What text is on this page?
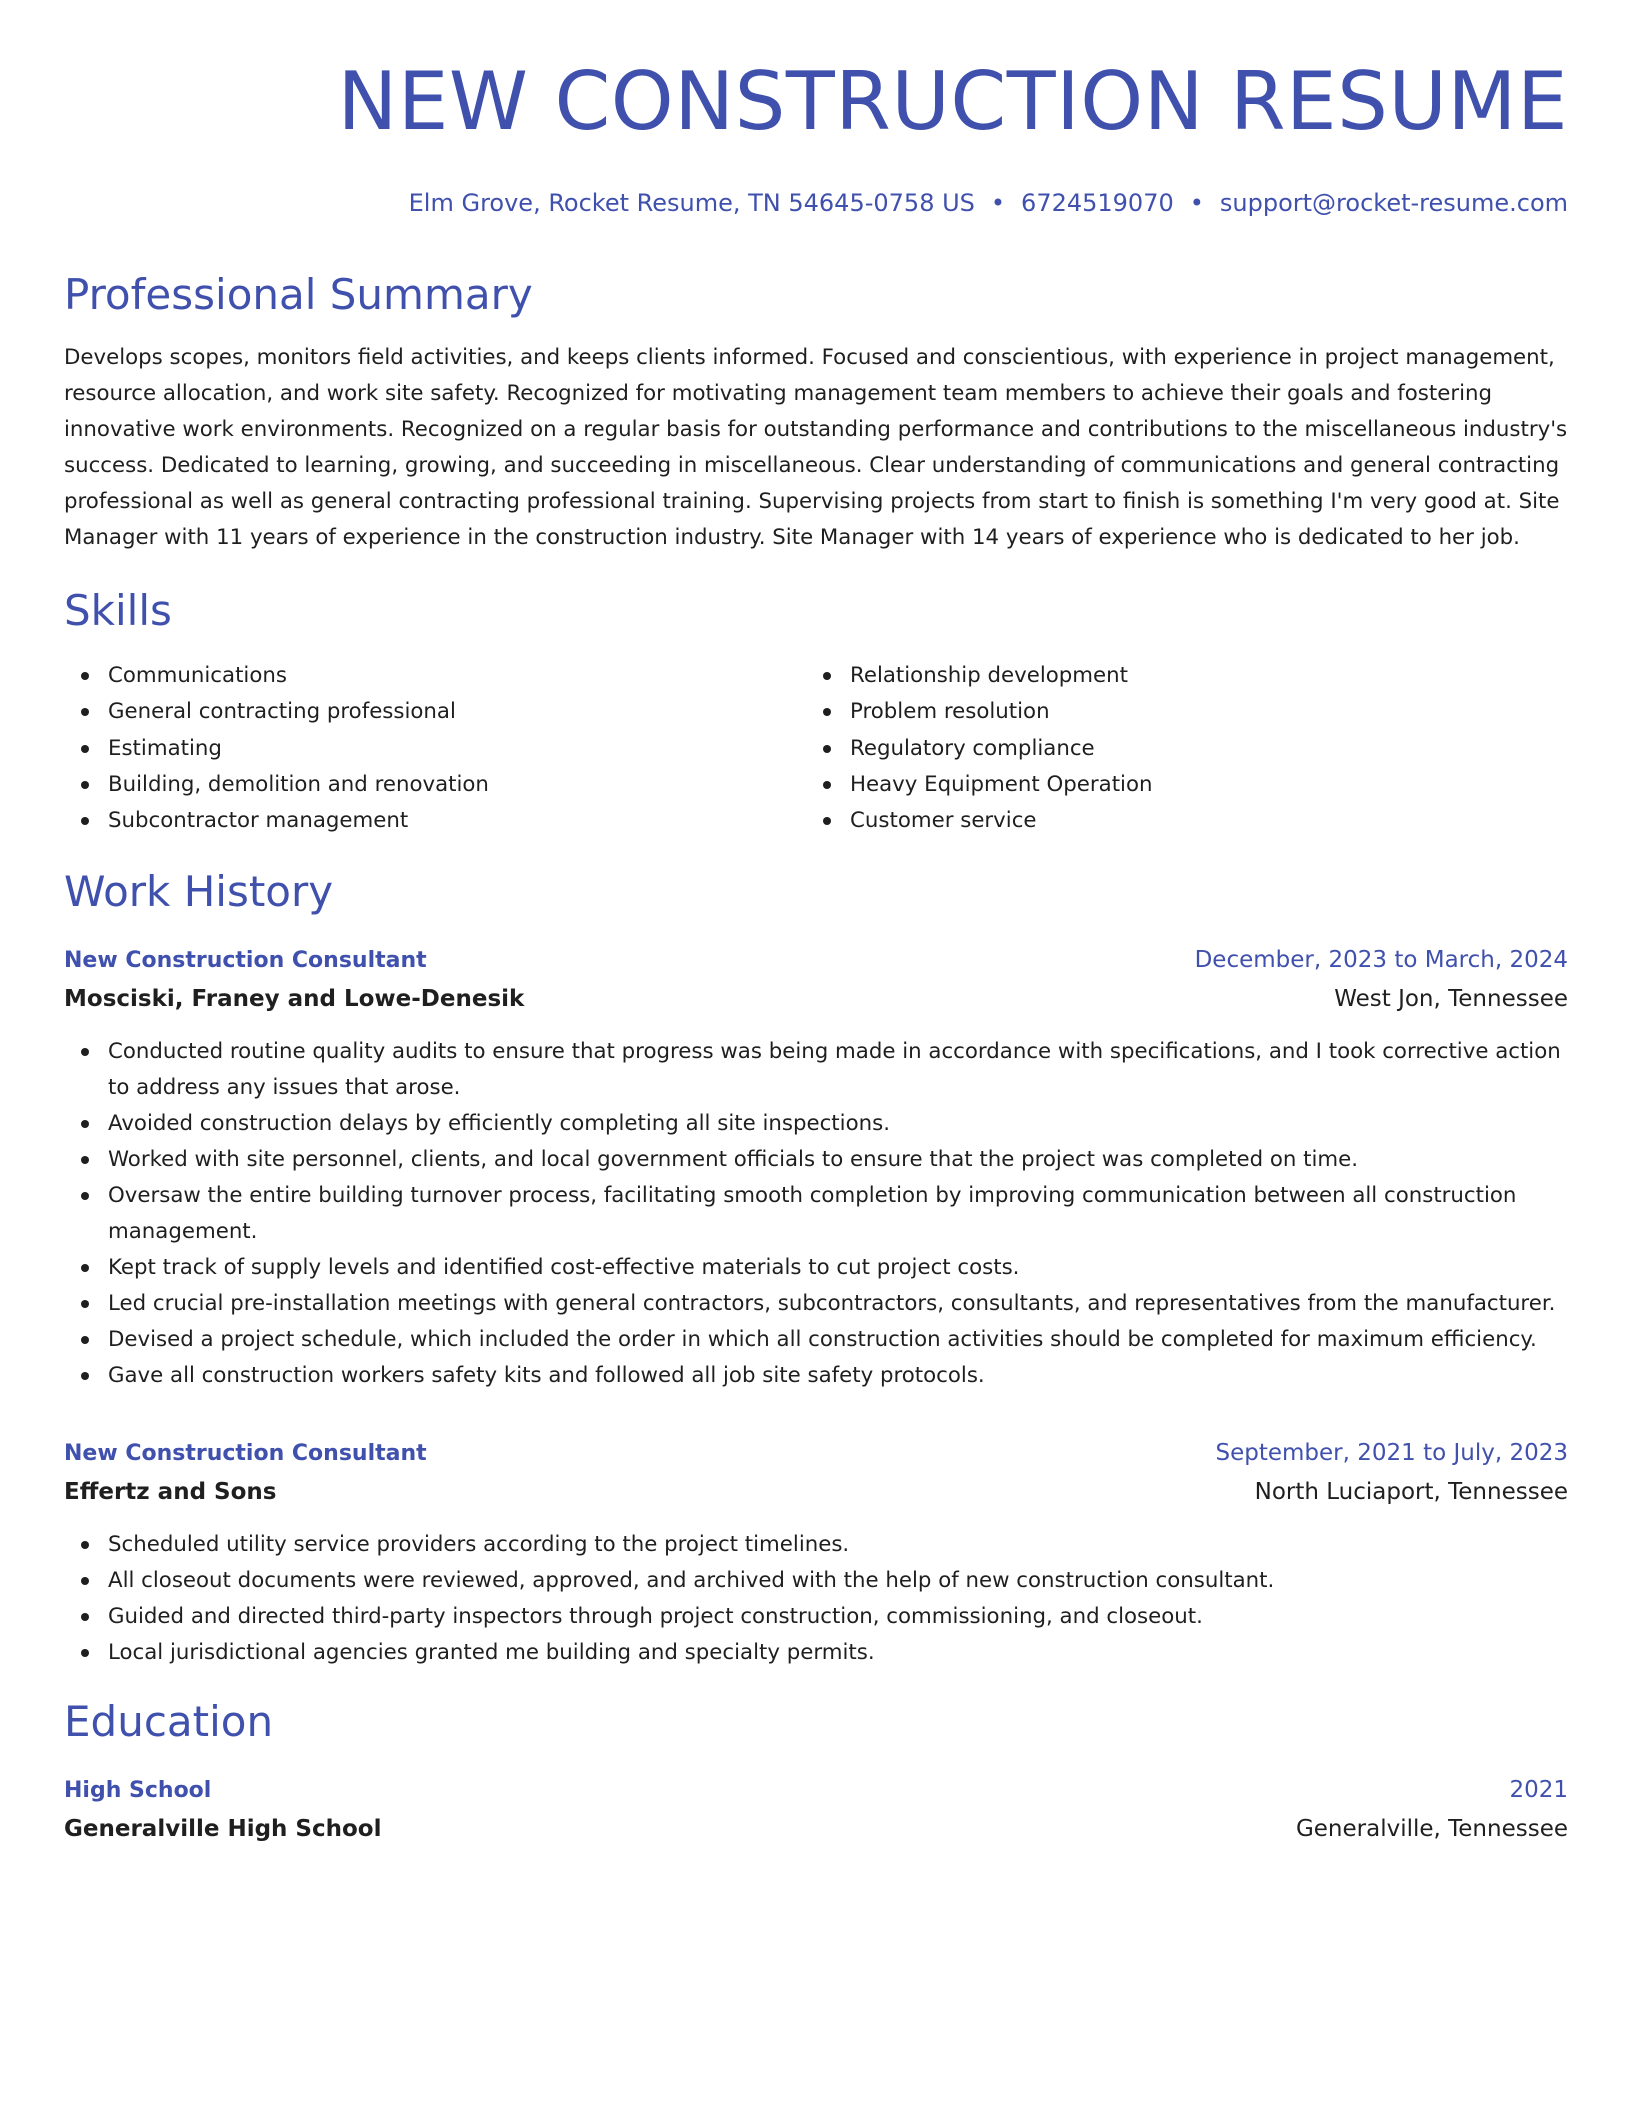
NEW CONSTRUCTION RESUME
Elm Grove, Rocket Resume, TN 54645-0758 US • 6724519070 • support@rocket-resume.com
Professional Summary
Develops scopes, monitors field activities, and keeps clients informed. Focused and conscientious, with experience in project management, resource allocation, and work site safety. Recognized for motivating management team members to achieve their goals and fostering innovative work environments. Recognized on a regular basis for outstanding performance and contributions to the miscellaneous industry's success. Dedicated to learning, growing, and succeeding in miscellaneous. Clear understanding of communications and general contracting professional as well as general contracting professional training. Supervising projects from start to finish is something I'm very good at. Site Manager with 11 years of experience in the construction industry. Site Manager with 14 years of experience who is dedicated to her job.
Skills
Communications
General contracting professional
Estimating
Building, demolition and renovation
Subcontractor management
Relationship development
Problem resolution
Regulatory compliance
Heavy Equipment Operation
Customer service
Work History
New Construction Consultant	December, 2023 to March, 2024
Mosciski, Franey and Lowe-Denesik	West Jon, Tennessee
Conducted routine quality audits to ensure that progress was being made in accordance with specifications, and I took corrective action to address any issues that arose.
Avoided construction delays by efficiently completing all site inspections.
Worked with site personnel, clients, and local government officials to ensure that the project was completed on time.
Oversaw the entire building turnover process, facilitating smooth completion by improving communication between all construction management.
Kept track of supply levels and identified cost-effective materials to cut project costs.
Led crucial pre-installation meetings with general contractors, subcontractors, consultants, and representatives from the manufacturer.
Devised a project schedule, which included the order in which all construction activities should be completed for maximum efficiency.
Gave all construction workers safety kits and followed all job site safety protocols.
New Construction Consultant	September, 2021 to July, 2023
Effertz and Sons	North Luciaport, Tennessee
Scheduled utility service providers according to the project timelines.
All closeout documents were reviewed, approved, and archived with the help of new construction consultant.
Guided and directed third-party inspectors through project construction, commissioning, and closeout.
Local jurisdictional agencies granted me building and specialty permits.
Education
High School	2021
Generalville High School	Generalville, Tennessee
